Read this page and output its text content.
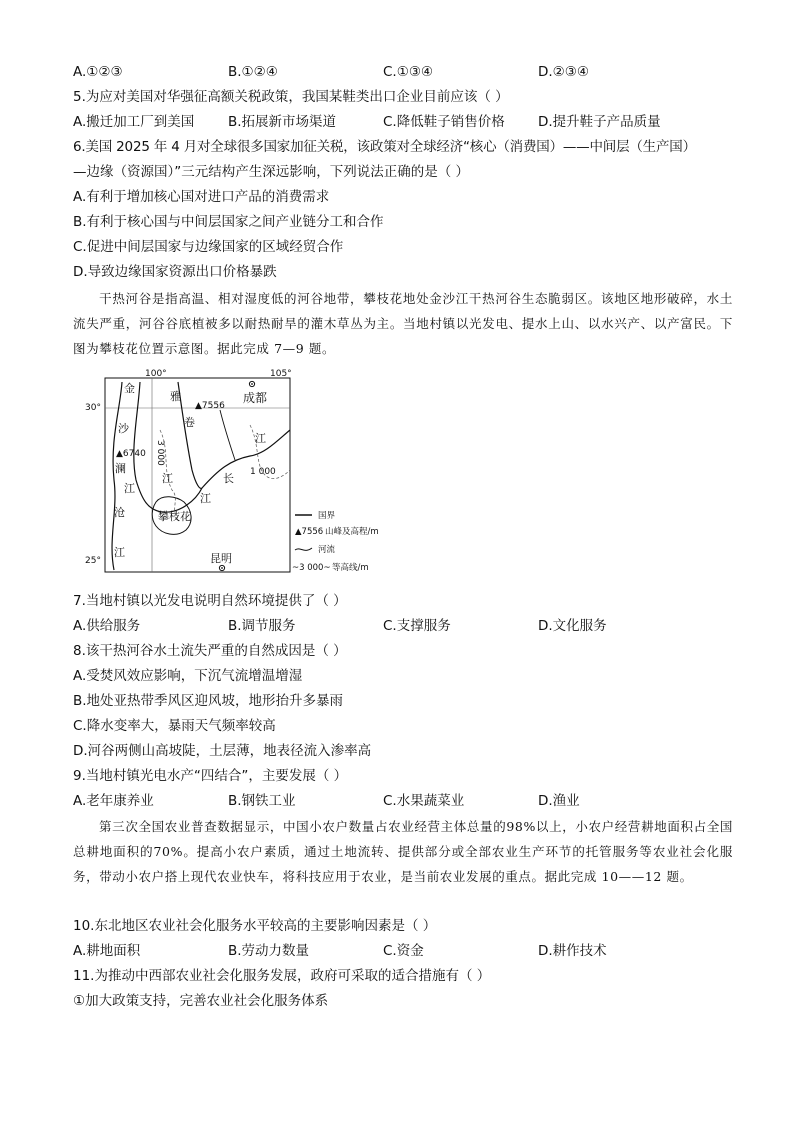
A.①②③	B.①②④	C.①③④	D.②③④
5.为应对美国对华强征高额关税政策，我国某鞋类出口企业目前应该（ ）
A.搬迁加工厂到美国 B.拓展新市场渠道	C.降低鞋子销售价格 D.提升鞋子产品质量
6.美国 2025 年 4 月对全球很多国家加征关税，该政策对全球经济“核心（消费国）——中间层（生产国）
—边缘（资源国）”三元结构产生深远影响，下列说法正确的是（ ）
A.有利于增加核心国对进口产品的消费需求
B.有利于核心国与中间层国家之间产业链分工和合作
C.促进中间层国家与边缘国家的区域经贸合作
D.导致边缘国家资源出口价格暴跌
干热河谷是指高温、相对湿度低的河谷地带，攀枝花地处金沙江干热河谷生态脆弱区。该地区地形破碎，水土流失严重，河谷谷底植被多以耐热耐旱的灌木草丛为主。当地村镇以光发电、提水上山、以水兴产、以产富民。下图为攀枝花位置示意图。据此完成 7—9 题。
100°	105°
30°
25°
成都
攀枝花
昆明
▲7556
▲6740 3 000
1 000
金
雅
沙
澜
江
沧
江
卷
江
江
长
江
国界
▲7556 山峰及高程/m
河流
~3 000~ 等高线/m
7.当地村镇以光发电说明自然环境提供了（ ）
A.供给服务	B.调节服务	C.支撑服务	D.文化服务
8.该干热河谷水土流失严重的自然成因是（ ）
A.受焚风效应影响，下沉气流增温增湿
B.地处亚热带季风区迎风坡，地形抬升多暴雨
C.降水变率大，暴雨天气频率较高
D.河谷两侧山高坡陡，土层薄，地表径流入渗率高
9.当地村镇光电水产“四结合”，主要发展（ ）
A.老年康养业	B.钢铁工业	C.水果蔬菜业	D.渔业
第三次全国农业普查数据显示，中国小农户数量占农业经营主体总量的98%以上，小农户经营耕地面积占全国总耕地面积的70%。提高小农户素质，通过土地流转、提供部分或全部农业生产环节的托管服务等农业社会化服务，带动小农户搭上现代农业快车，将科技应用于农业，是当前农业发展的重点。据此完成 10——12 题。
10.东北地区农业社会化服务水平较高的主要影响因素是（ ）
A.耕地面积	B.劳动力数量	C.资金	D.耕作技术
11.为推动中西部农业社会化服务发展，政府可采取的适合措施有（ ）
①加大政策支持，完善农业社会化服务体系
